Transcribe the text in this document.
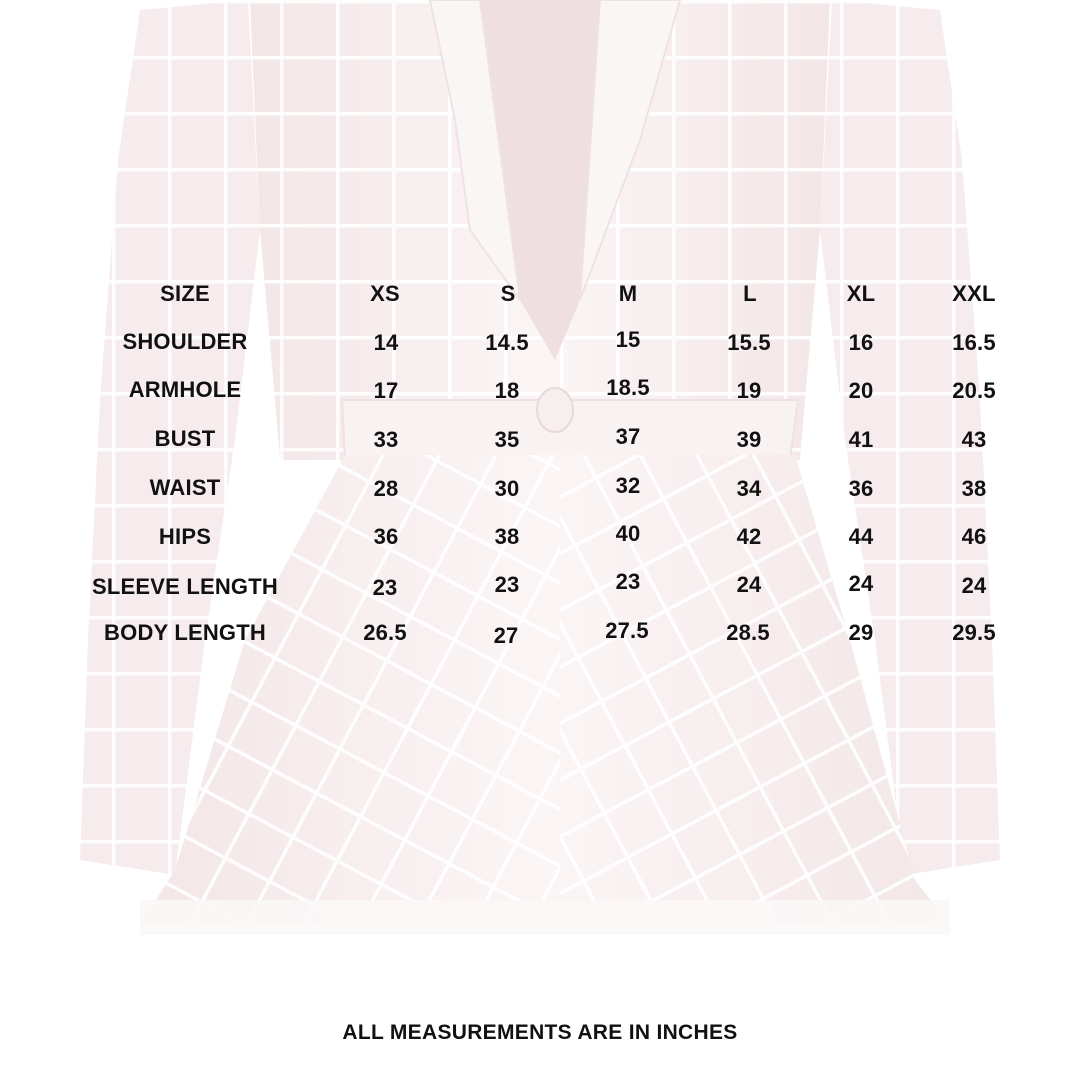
SIZE	XS	S	M	L	XL	XXL
SHOULDER	14	14.5	15	15.5	16	16.5
ARMHOLE	17	18	18.5	19	20	20.5
BUST	33	35	37	39	41	43
WAIST	28	30	32	34	36	38
HIPS	36	38	40	42	44	46
SLEEVE LENGTH	23	23	23	24	24	24
BODY LENGTH	26.5	27	27.5	28.5	29	29.5
ALL MEASUREMENTS ARE IN INCHES
